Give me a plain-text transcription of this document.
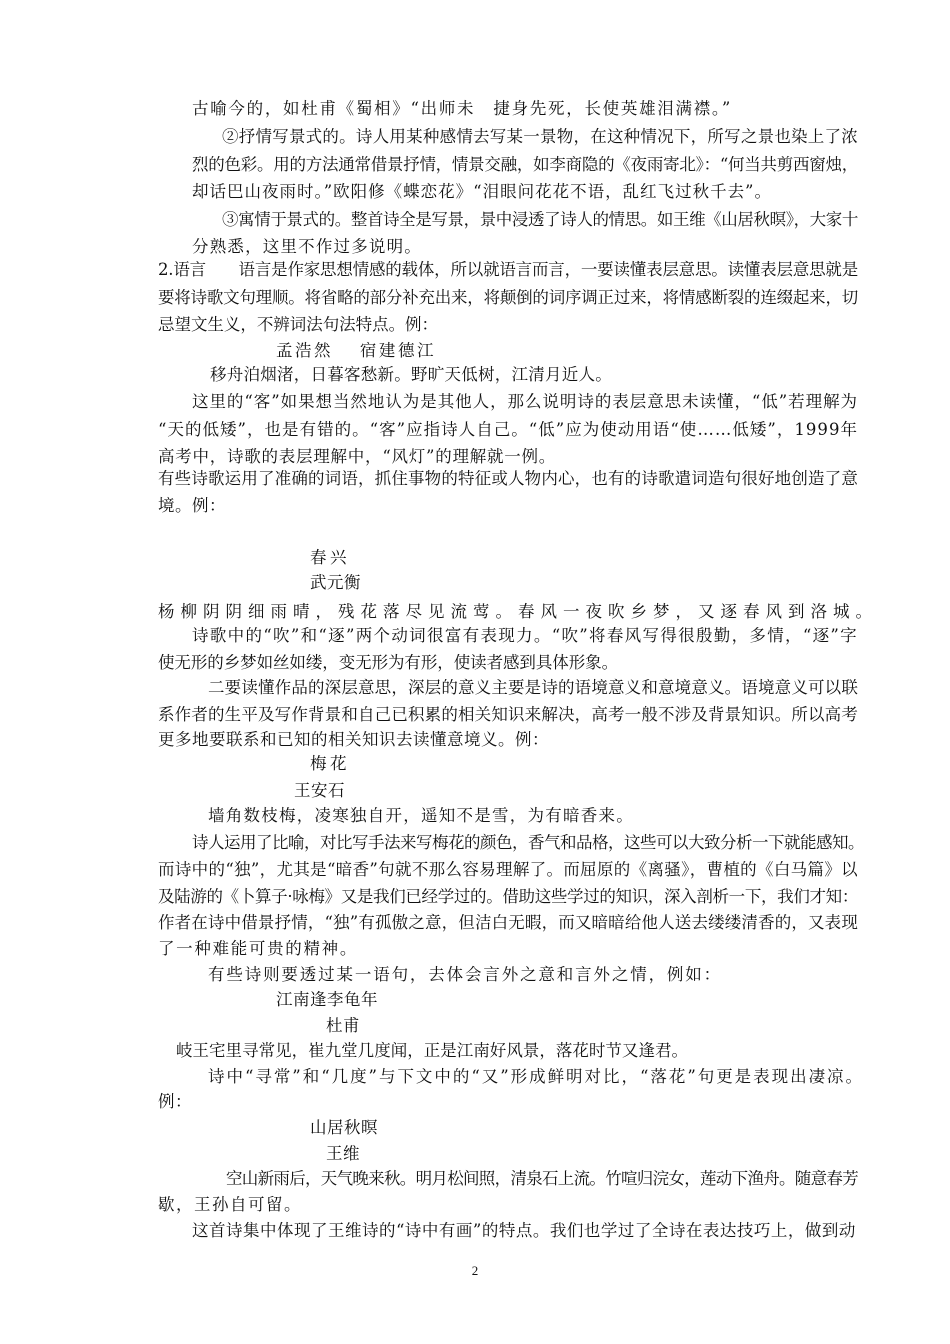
古喻今的，如杜甫《蜀相》“出师未　捷身先死，长使英雄泪满襟。”

②抒情写景式的。诗人用某种感情去写某一景物，在这种情况下，所写之景也染上了浓

烈的色彩。用的方法通常借景抒情，情景交融，如李商隐的《夜雨寄北》：“何当共剪西窗烛，

却话巴山夜雨时。”欧阳修《蝶恋花》“泪眼问花花不语，乱红飞过秋千去”。

③寓情于景式的。整首诗全是写景，景中浸透了诗人的情思。如王维《山居秋暝》，大家十

分熟悉，这里不作过多说明。

2.语言　　语言是作家思想情感的载体，所以就语言而言，一要读懂表层意思。读懂表层意思就是

要将诗歌文句理顺。将省略的部分补充出来，将颠倒的词序调正过来，将情感断裂的连缀起来，切

忌望文生义，不辨词法句法特点。例：

孟浩然　 宿建德江

移舟泊烟渚，日暮客愁新。野旷天低树，江清月近人。

这里的“客”如果想当然地认为是其他人，那么说明诗的表层意思未读懂，“低”若理解为

“天的低矮”，也是有错的。“客”应指诗人自己。“低”应为使动用语“使……低矮”，1999年

高考中，诗歌的表层理解中，“风灯”的理解就一例。

有些诗歌运用了准确的词语，抓住事物的特征或人物内心，也有的诗歌遣词造句很好地创造了意

境。例：

春兴

武元衡

杨柳阴阴细雨晴，残花落尽见流莺。春风一夜吹乡梦，又逐春风到洛城。

诗歌中的“吹”和“逐”两个动词很富有表现力。“吹”将春风写得很殷勤，多情，“逐”字

使无形的乡梦如丝如缕，变无形为有形，使读者感到具体形象。

二要读懂作品的深层意思，深层的意义主要是诗的语境意义和意境意义。语境意义可以联

系作者的生平及写作背景和自己已积累的相关知识来解决，高考一般不涉及背景知识。所以高考

更多地要联系和已知的相关知识去读懂意境义。例：

梅花

王安石

墙角数枝梅，凌寒独自开，遥知不是雪，为有暗香来。

诗人运用了比喻，对比写手法来写梅花的颜色，香气和品格，这些可以大致分析一下就能感知。

而诗中的“独”，尤其是“暗香”句就不那么容易理解了。而屈原的《离骚》，曹植的《白马篇》以

及陆游的《卜算子·咏梅》又是我们已经学过的。借助这些学过的知识，深入剖析一下，我们才知：

作者在诗中借景抒情，“独”有孤傲之意，但洁白无暇，而又暗暗给他人送去缕缕清香的，又表现

了一种难能可贵的精神。

有些诗则要透过某一语句，去体会言外之意和言外之情，例如：

江南逢李龟年

杜甫

岐王宅里寻常见，崔九堂几度闻，正是江南好风景，落花时节又逢君。

诗中“寻常”和“几度”与下文中的“又”形成鲜明对比，“落花”句更是表现出凄凉。

例：

山居秋暝

王维

空山新雨后，天气晚来秋。明月松间照，清泉石上流。竹喧归浣女，莲动下渔舟。随意春芳

歇，王孙自可留。

这首诗集中体现了王维诗的“诗中有画”的特点。我们也学过了全诗在表达技巧上，做到动

2
